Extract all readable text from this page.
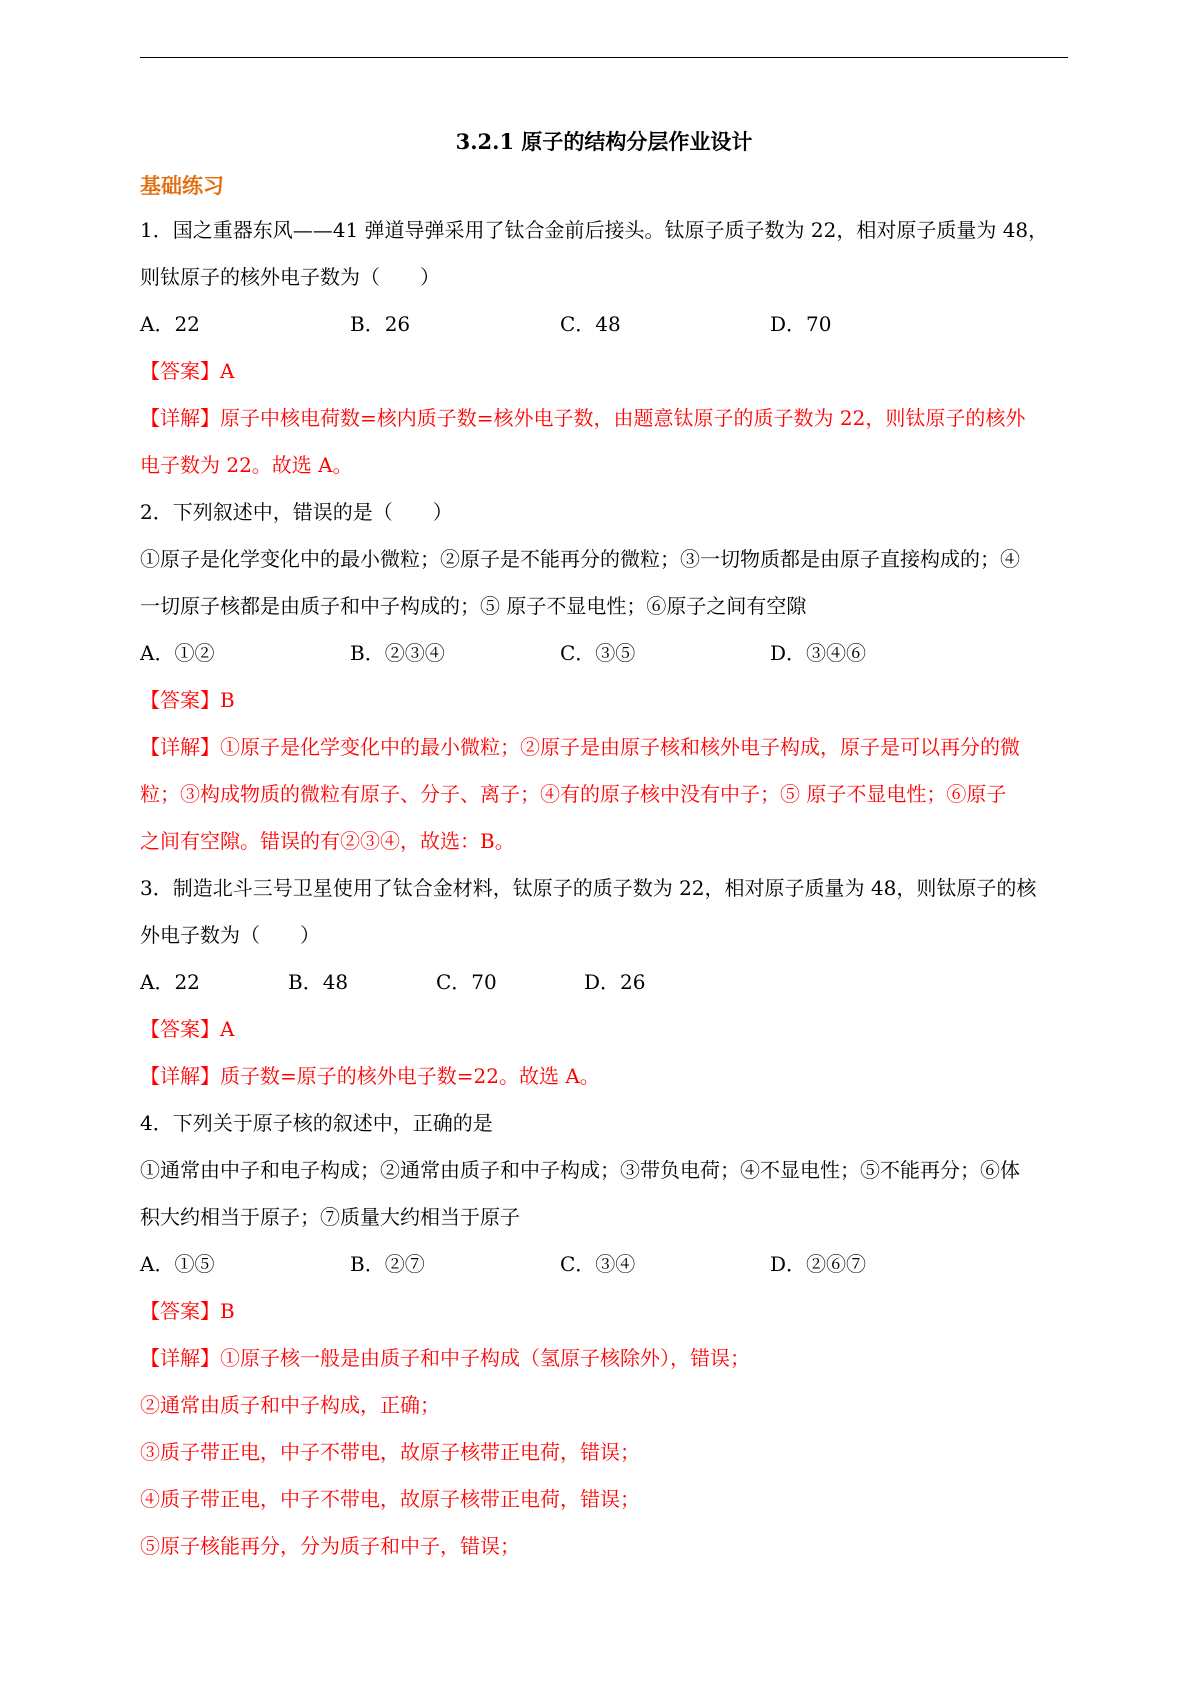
3.2.1 原子的结构分层作业设计
基础练习

1．国之重器东风——41 弹道导弹采用了钛合金前后接头。钛原子质子数为 22，相对原子质量为 48，

则钛原子的核外电子数为（　　）

A．22	B．26	C．48	D．70

【答案】A

【详解】原子中核电荷数=核内质子数=核外电子数，由题意钛原子的质子数为 22，则钛原子的核外

电子数为 22。故选 A。

2．下列叙述中，错误的是（　　）

①原子是化学变化中的最小微粒；②原子是不能再分的微粒；③一切物质都是由原子直接构成的；④

一切原子核都是由质子和中子构成的；⑤ 原子不显电性；⑥原子之间有空隙

A．①②	B．②③④	C．③⑤	D．③④⑥

【答案】B

【详解】①原子是化学变化中的最小微粒；②原子是由原子核和核外电子构成，原子是可以再分的微

粒；③构成物质的微粒有原子、分子、离子；④有的原子核中没有中子；⑤ 原子不显电性；⑥原子

之间有空隙。错误的有②③④，故选：B。

3．制造北斗三号卫星使用了钛合金材料，钛原子的质子数为 22，相对原子质量为 48，则钛原子的核

外电子数为（　　）

A．22	B．48	C．70	D．26

【答案】A

【详解】质子数=原子的核外电子数=22。故选 A。

4．下列关于原子核的叙述中，正确的是

①通常由中子和电子构成；②通常由质子和中子构成；③带负电荷；④不显电性；⑤不能再分；⑥体

积大约相当于原子；⑦质量大约相当于原子

A．①⑤	B．②⑦	C．③④	D．②⑥⑦

【答案】B

【详解】①原子核一般是由质子和中子构成（氢原子核除外），错误；

②通常由质子和中子构成，正确；

③质子带正电，中子不带电，故原子核带正电荷，错误；

④质子带正电，中子不带电，故原子核带正电荷，错误；

⑤原子核能再分，分为质子和中子，错误；
